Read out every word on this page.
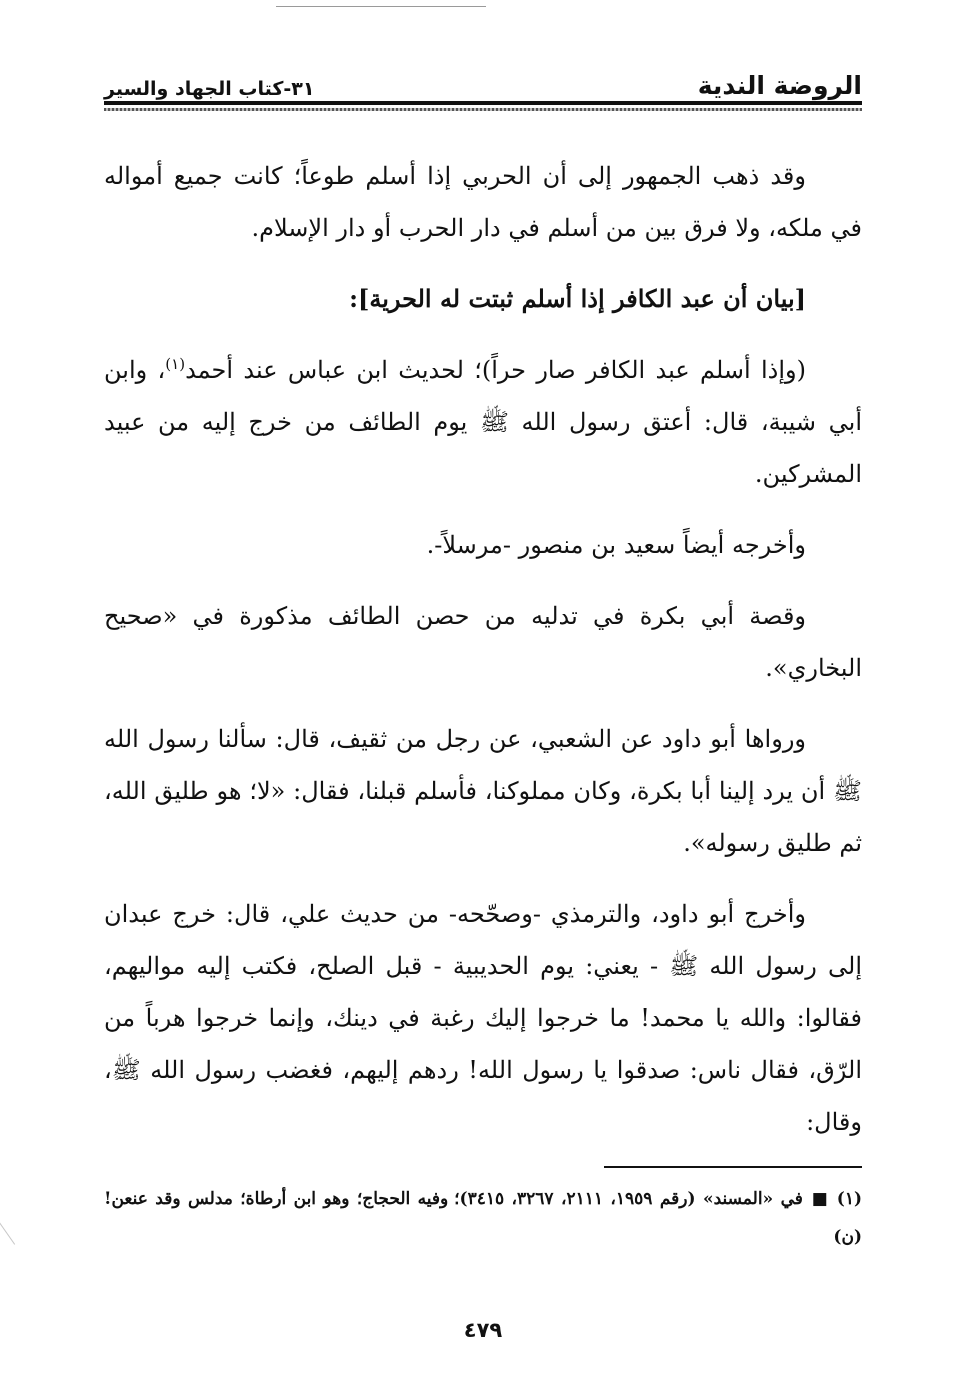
الروضة الندية
٣١-كتاب الجهاد والسير

وقد ذهب الجمهور إلى أن الحربي إذا أسلم طوعاً؛ كانت جميع أمواله في ملكه، ولا فرق بين من أسلم في دار الحرب أو دار الإسلام.

[بيان أن عبد الكافر إذا أسلم ثبتت له الحرية]:

(وإذا أسلم عبد الكافر صار حراً)؛ لحديث ابن عباس عند أحمد$^{(١)}$، وابن أبي شيبة، قال: أعتق رسول الله ﷺ يوم الطائف من خرج إليه من عبيد المشركين.

وأخرجه أيضاً سعيد بن منصور -مرسلاً-.

وقصة أبي بكرة في تدليه من حصن الطائف مذكورة في «صحيح البخاري».

ورواها أبو داود عن الشعبي، عن رجل من ثقيف، قال: سألنا رسول الله ﷺ أن يرد إلينا أبا بكرة، وكان مملوكنا، فأسلم قبلنا، فقال: «لا؛ هو طليق الله، ثم طليق رسوله».

وأخرج أبو داود، والترمذي -وصحّحه- من حديث علي، قال: خرج عبدان إلى رسول الله ﷺ - يعني: يوم الحديبية - قبل الصلح، فكتب إليه مواليهم، فقالوا: والله يا محمد! ما خرجوا إليك رغبة في دينك، وإنما خرجوا هرباً من الرّق، فقال ناس: صدقوا يا رسول الله! ردهم إليهم، فغضب رسول الله ﷺ، وقال:

(١) ■ في «المسند» (رقم ١٩٥٩، ٢١١١، ٣٢٦٧، ٣٤١٥)؛ وفيه الحجاج؛ وهو ابن أرطاة؛ مدلس وقد عنعن! (ن)
٤٧٩
